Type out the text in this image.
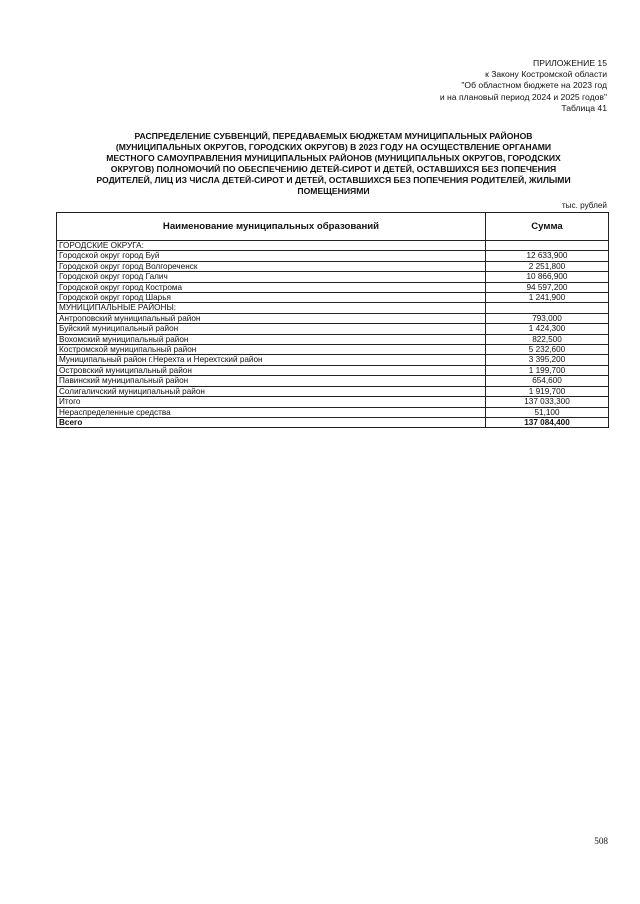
ПРИЛОЖЕНИЕ 15
к Закону Костромской области
"Об областном бюджете на 2023 год
и на плановый период 2024 и 2025 годов"
Таблица 41
РАСПРЕДЕЛЕНИЕ СУБВЕНЦИЙ, ПЕРЕДАВАЕМЫХ БЮДЖЕТАМ МУНИЦИПАЛЬНЫХ РАЙОНОВ
(МУНИЦИПАЛЬНЫХ ОКРУГОВ, ГОРОДСКИХ ОКРУГОВ) В 2023 ГОДУ НА ОСУЩЕСТВЛЕНИЕ ОРГАНАМИ
МЕСТНОГО САМОУПРАВЛЕНИЯ МУНИЦИПАЛЬНЫХ РАЙОНОВ (МУНИЦИПАЛЬНЫХ ОКРУГОВ, ГОРОДСКИХ
ОКРУГОВ) ПОЛНОМОЧИЙ ПО ОБЕСПЕЧЕНИЮ ДЕТЕЙ-СИРОТ И ДЕТЕЙ, ОСТАВШИХСЯ БЕЗ ПОПЕЧЕНИЯ
РОДИТЕЛЕЙ, ЛИЦ ИЗ ЧИСЛА ДЕТЕЙ-СИРОТ И ДЕТЕЙ, ОСТАВШИХСЯ БЕЗ ПОПЕЧЕНИЯ РОДИТЕЛЕЙ, ЖИЛЫМИ
ПОМЕЩЕНИЯМИ
тыс. рублей
Наименование муниципальных образований	Сумма
ГОРОДСКИЕ ОКРУГА:	
Городской округ город Буй	12 633,900
Городской округ город Волгореченск	2 251,800
Городской округ город Галич	10 866,900
Городской округ город Кострома	94 597,200
Городской округ город Шарья	1 241,900
МУНИЦИПАЛЬНЫЕ РАЙОНЫ:	
Антроповский муниципальный район	793,000
Буйский муниципальный район	1 424,300
Вохомский муниципальный район	822,500
Костромской муниципальный район	5 232,600
Муниципальный район г.Нерехта и Нерехтский район	3 395,200
Островский муниципальный район	1 199,700
Павинский муниципальный район	654,600
Солигаличский муниципальный район	1 919,700
Итого	137 033,300
Нераспределенные средства	51,100
Всего	137 084,400
508
